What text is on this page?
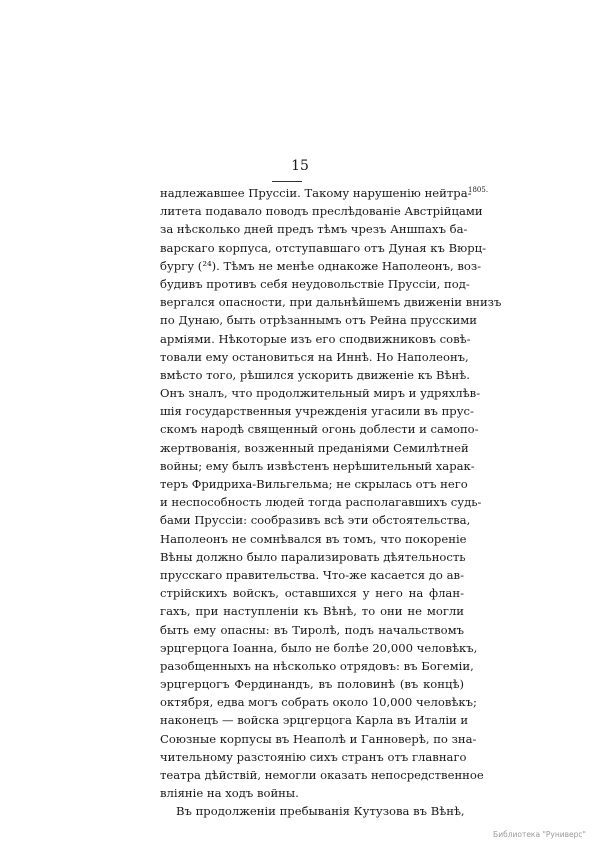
15
1805.
надлежавшее Пруссіи. Такому нарушенію нейтра-
литета подавало поводъ преслѣдованіе Австрійцами
за нѣсколько дней предъ тѣмъ чрезъ Аншпахъ ба-
варскаго корпуса, отступавшаго отъ Дуная къ Вюрц-
бургу (²⁴). Тѣмъ не менѣе однакоже Наполеонъ, воз-
будивъ противъ себя неудовольствіе Пруссіи, под-
вергался опасности, при дальнѣйшемъ движеніи внизъ
по Дунаю, быть отрѣзаннымъ отъ Рейна прусскими
арміями. Нѣкоторые изъ его сподвижниковъ совѣ-
товали ему остановиться на Иннѣ. Но Наполеонъ,
вмѣсто того, рѣшился ускорить движеніе къ Вѣнѣ.
Онъ зналъ, что продолжительный миръ и удряхлѣв-
шія государственныя учрежденія угасили въ прус-
скомъ народѣ священный огонь доблести и самопо-
жертвованія, возженный преданіями Семилѣтней
войны; ему былъ извѣстенъ нерѣшительный харак-
теръ Фридриха-Вильгельма; не скрылась отъ него
и неспособность людей тогда располагавшихъ судь-
бами Пруссіи: сообразивъ всѣ эти обстоятельства,
Наполеонъ не сомнѣвался въ томъ, что покореніе
Вѣны должно было парализировать дѣятельность
прусскаго правительства. Что-же касается до ав-
стрійскихъ войскъ, оставшихся у него на флан-
гахъ, при наступленіи къ Вѣнѣ, то они не могли
быть ему опасны: въ Тиролѣ, подъ начальствомъ
эрцгерцога Іоанна, было не болѣе 20,000 человѣкъ,
разобщенныхъ на нѣсколько отрядовъ: въ Богеміи,
эрцгерцогъ Фердинандъ, въ половинѣ (въ концѣ)
октября, едва могъ собрать около 10,000 человѣкъ;
наконецъ — войска эрцгерцога Карла въ Италіи и
Союзные корпусы въ Неаполѣ и Ганноверѣ, по зна-
чительному разстоянію сихъ странъ отъ главнаго
театра дѣйствій, немогли оказать непосредственное
вліяніе на ходъ войны.
Въ продолженіи пребыванія Кутузова въ Вѣнѣ,
Библиотека "Руниверс"
